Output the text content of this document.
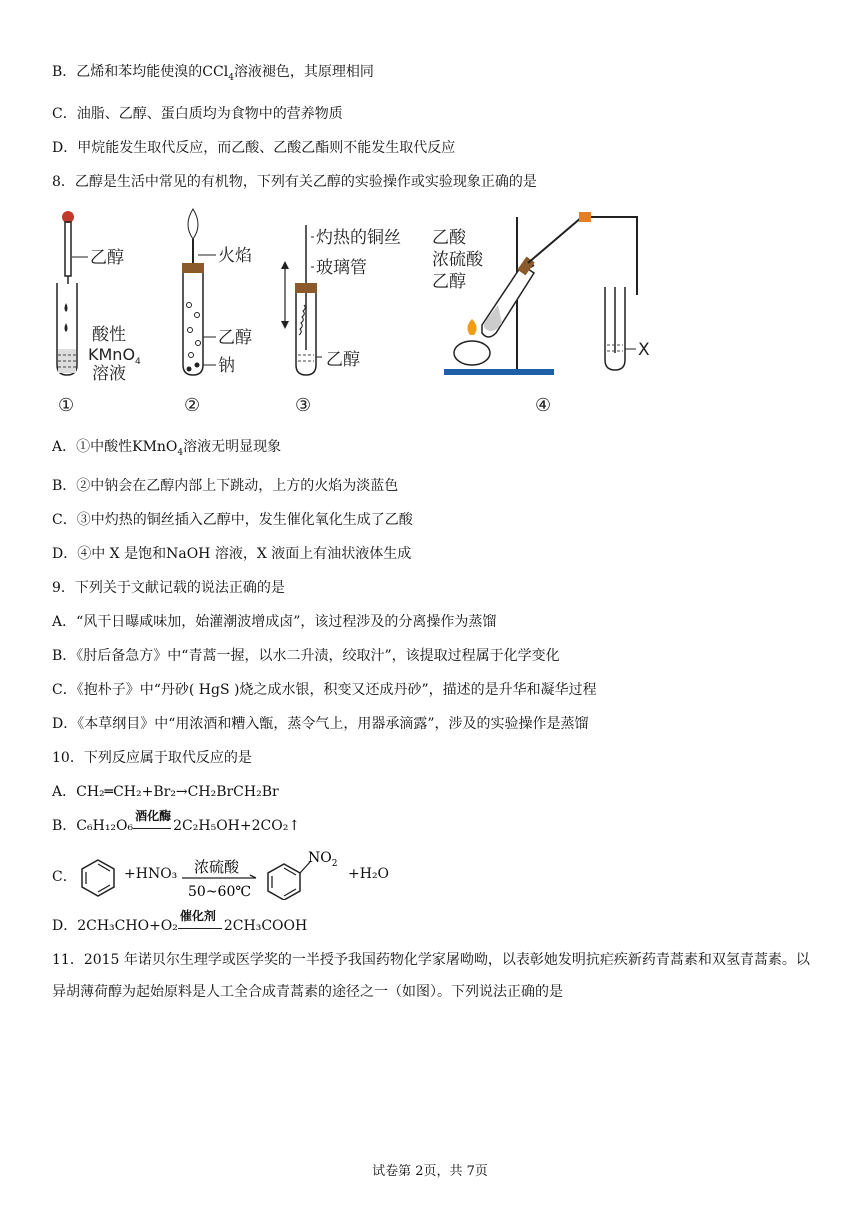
B．乙烯和苯均能使溴的CCl$_4$溶液褪色，其原理相同
C．油脂、乙醇、蛋白质均为食物中的营养物质
D．甲烷能发生取代反应，而乙酸、乙酸乙酯则不能发生取代反应
8．乙醇是生活中常见的有机物，下列有关乙醇的实验操作或实验现象正确的是
乙醇
酸性
KMnO$_4$
溶液
①
火焰
乙醇
钠
②
灼热的铜丝
玻璃管
乙醇
③
乙酸
浓硫酸
乙醇
X
④
A．①中酸性KMnO$_4$溶液无明显现象
B．②中钠会在乙醇内部上下跳动，上方的火焰为淡蓝色
C．③中灼热的铜丝插入乙醇中，发生催化氧化生成了乙酸
D．④中 X 是饱和NaOH 溶液，X 液面上有油状液体生成
9．下列关于文献记载的说法正确的是
A．“风干日曝咸味加，始灌潮波增成卤”，该过程涉及的分离操作为蒸馏
B．《肘后备急方》中“青蒿一握，以水二升渍，绞取汁”，该提取过程属于化学变化
C．《抱朴子》中“丹砂( HgS )烧之成水银，积变又还成丹砂”，描述的是升华和凝华过程
D．《本草纲目》中“用浓酒和糟入甑，蒸令气上，用器承滴露”，涉及的实验操作是蒸馏
10．下列反应属于取代反应的是
A．CH₂═CH₂+Br₂→CH₂BrCH₂Br
B．C₆H₁₂O₆
酒化酶
2C₂H₅OH+2CO₂↑
C．
浓硫酸
50~60℃
$NO_2$
+HNO₃	+H₂O
D．2CH₃CHO+O₂
催化剂
2CH₃COOH
11．2015 年诺贝尔生理学或医学奖的一半授予我国药物化学家屠呦呦，以表彰她发明抗疟疾新药青蒿素和双氢青蒿素。以异胡薄荷醇为起始原料是人工全合成青蒿素的途径之一（如图）。下列说法正确的是
试卷第 2页，共 7页
